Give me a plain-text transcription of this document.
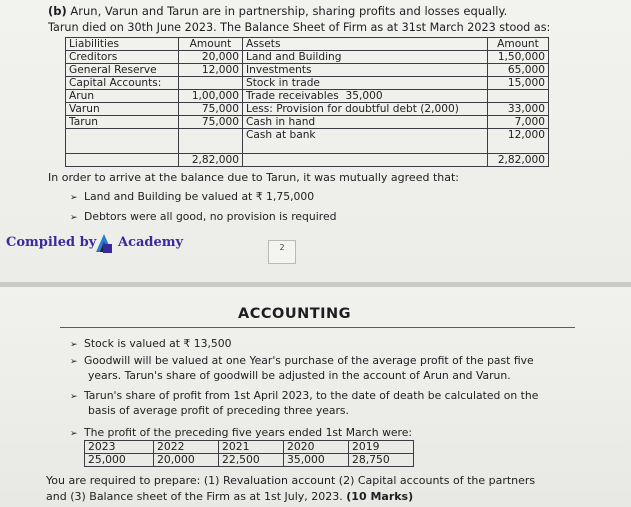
(b) Arun, Varun and Tarun are in partnership, sharing profits and losses equally.
Tarun died on 30th June 2023. The Balance Sheet of Firm as at 31st March 2023 stood as:
Liabilities	Amount	Assets	Amount
Creditors	20,000	Land and Building	1,50,000
General Reserve	12,000	Investments	65,000
Capital Accounts:		Stock in trade	15,000
Arun	1,00,000	Trade receivables  35,000	
Varun	75,000	Less: Provision for doubtful debt (2,000)	33,000
Tarun	75,000	Cash in hand	7,000
		Cash at bank	12,000
	2,82,000		2,82,000
In order to arrive at the balance due to Tarun, it was mutually agreed that:
➢ Land and Building be valued at ₹ 1,75,000
➢ Debtors were all good, no provision is required
Compiled by Academy	2
ACCOUNTING
➢ Stock is valued at ₹ 13,500
➢ Goodwill will be valued at one Year's purchase of the average profit of the past five
years. Tarun's share of goodwill be adjusted in the account of Arun and Varun.
➢ Tarun's share of profit from 1st April 2023, to the date of death be calculated on the
basis of average profit of preceding three years.
➢ The profit of the preceding five years ended 1st March were:
2023	2022	2021	2020	2019
25,000	20,000	22,500	35,000	28,750
You are required to prepare: (1) Revaluation account (2) Capital accounts of the partners
and (3) Balance sheet of the Firm as at 1st July, 2023. (10 Marks)
